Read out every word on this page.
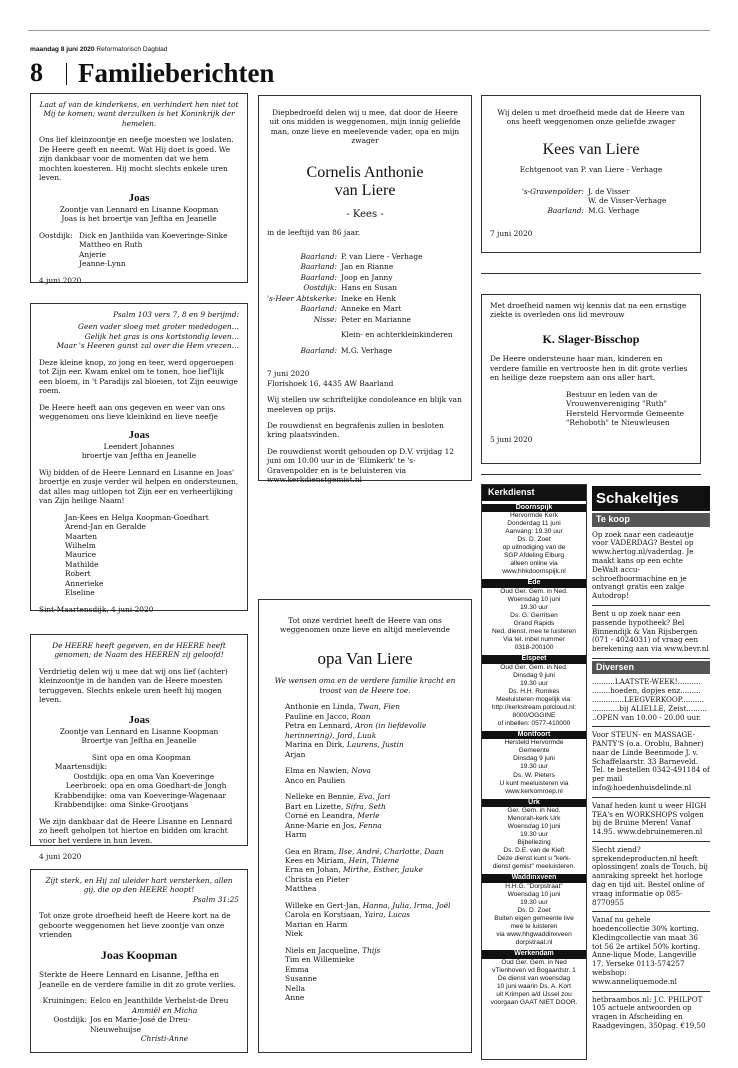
maandag 8 juni 2020 Reformatorisch Dagblad
8 Familieberichten
Laat af van de kinderkens, en verhindert hen niet tot Mij te komen; want derzulken is het Koninkrijk der hemelen.
Ons lief kleinzoontje en neefje moesten we loslaten. De Heere geeft en neemt. Wat Hij doet is goed. We zijn dankbaar voor de momenten dat we hem mochten koesteren. Hij mocht slechts enkele uren leven.
Joas
Zoontje van Lennard en Lisanne Koopman
Joas is het broertje van Jeftha en Jeanelle
Oostdijk: Dick en Janthilda van Koeveringe-Sinke
Mattheo en Ruth
Anjerie
Jeanne-Lynn
4 juni 2020
Psalm 103 vers 7, 8 en 9 berijmd:
Geen vader sloeg met groter mededogen…
Gelijk het gras is ons kortstondig leven…
Maar 's Heeren gunst zal over die Hem vrezen…
Deze kleine knop, zo jong en teer, werd opgeroepen tot Zijn eer. Kwam enkel om te tonen, hoe lief'lijk een bloem, in 't Paradijs zal bloeien, tot Zijn eeuwige roem.
De Heere heeft aan ons gegeven en weer van ons weggenomen ons lieve kleinkind en lieve neefje
Joas
Leendert Johannes
broertje van Jeftha en Jeanelle
Wij bidden of de Heere Lennard en Lisanne en Joas' broertje en zusje verder wil helpen en ondersteunen, dat alles mag uitlopen tot Zijn eer en verheerlijking van Zijn heilige Naam!
Jan-Kees en Helga Koopman-Goedhart
Arend-Jan en Geralde
Maarten
Wilhelm
Maurice
Mathilde
Robert
Annerieke
Elseline
Sint-Maartensdijk, 4 juni 2020
De HEERE heeft gegeven, en de HEERE heeft genomen; de Naam des HEEREN zij geloofd!
Verdrietig delen wij u mee dat wij ons lief (achter) kleinzoontje in de handen van de Heere moesten teruggeven. Slechts enkele uren heeft hij mogen leven.
Joas
Zoontje van Lennard en Lisanne Koopman
Broertje van Jeftha en Jeanelle
Sint Maartensdijk:
opa en oma Koopman
Oostdijk: opa en oma Van Koeveringe
Leerbroek: opa en oma Goedhart-de Jongh
Krabbendijke: oma van Koeveringe-Wagenaar
Krabbendijke: oma Sinke-Grootjans
We zijn dankbaar dat de Heere Lisanne en Lennard zo heeft geholpen tot hiertoe en bidden om kracht voor het verdere in hun leven.
4 juni 2020
Zijt sterk, en Hij zal uleider hart versterken, allen gij, die op den HEERE hoopt!
Psalm 31:25
Tot onze grote droefheid heeft de Heere kort na de geboorte weggenomen het lieve zoontje van onze vrienden
Joas Koopman
Sterkte de Heere Lennard en Lisanne, Jeftha en Jeanelle en de verdere familie in dit zo grote verlies.
Kruiningen: Eelco en Jeanthilde Verhelst-de Dreu
Ammiël en Micha
Oostdijk: Jos en Marie-José de Dreu-Nieuwehuijse
Christi-Anne
Diepbedroefd delen wij u mee, dat door de Heere uit ons midden is weggenomen, mijn innig geliefde man, onze lieve en meelevende vader, opa en mijn zwager
Cornelis Anthonie
van Liere
- Kees -
in de leeftijd van 86 jaar.
Baarland: P. van Liere - Verhage
Baarland: Jan en Rianne
Baarland: Joop en Janny
Oostdijk: Hans en Susan
's-Heer Abtskerke: Ineke en Henk
Baarland: Anneke en Mart
Nisse: Peter en Marianne
Klein- en achterkleinkinderen
Baarland: M.G. Verhage
7 juni 2020
Florishoek 16, 4435 AW Baarland
Wij stellen uw schriftelijke condoleance en blijk van meeleven op prijs.
De rouwdienst en begrafenis zullen in besloten kring plaatsvinden.
De rouwdienst wordt gehouden op D.V. vrijdag 12 juni om 10.00 uur in de 'Elimkerk' te 's-Gravenpolder en is te beluisteren via www.kerkdienstgemist.nl
Tot onze verdriet heeft de Heere van ons weggenomen onze lieve en altijd meelevende
opa Van Liere
We wensen oma en de verdere familie kracht en troost van de Heere toe.
Anthonie en Linda, Twan, Fien
Pauline en Jacco, Roan
Petra en Lennard, Aron (in liefdevolle herinnering), Jord, Luuk
Marina en Dirk, Laurens, Justin
Arjan
Elma en Nawien, Nova
Anco en Paulien
Nelleke en Bennie, Eva, Jari
Bart en Lizette, Sifra, Seth
Corné en Leandra, Merle
Anne-Marie en Jos, Fenna
Harm
Gea en Bram, Ilse, André, Charlotte, Daan
Kees en Miriam, Hein, Thieme
Erna en Johan, Mirthe, Esther, Jauke
Christa en Pieter
Matthea
Willeke en Gert-Jan, Hanna, Julia, Irma, Joël
Carola en Korstiaan, Yaira, Lucas
Marian en Harm
Niek
Niels en Jacqueline, Thijs
Tim en Willemieke
Emma
Susanne
Nella
Anne
Wij delen u met droefheid mede dat de Heere van ons heeft weggenomen onze geliefde zwager
Kees van Liere
Echtgenoot van P. van Liere - Verhage
's-Gravenpolder: J. de Visser
W. de Visser-Verhage
Baarland: M.G. Verhage
7 juni 2020
Met droefheid namen wij kennis dat na een ernstige ziekte is overleden ons lid mevrouw
K. Slager-Bisschop
De Heere ondersteune haar man, kinderen en verdere familie en vertrooste hen in dit grote verlies en heilige deze roepstem aan ons aller hart.
Bestuur en leden van de
Vrouwenvereniging "Ruth"
Hersteld Hervormde Gemeente
"Rehoboth" te Nieuwleusen
5 juni 2020
Kerkdienst
Doornspijk
Hervormde Kerk
Donderdag 11 juni
Aanvang: 19.30 uur
Ds. D. Zoet
op uitnodiging van de
SGP Afdeling Elburg
alleen online via
www.hhkdoornspijk.nl
Ede
Oud Ger. Gem. in Ned.
Woensdag 10 juni
19.30 uur
Ds. G. Gerritsen
Grand Rapids
Ned. dienst, mee te luisteren
Via tel. inbel nummer
0318-200100
Elspeet
Oud Ger. Gem. in Ned.
Dinsdag 9 juni
19.30 uur
Ds. H.H. Romkes
Meeluisteren mogelijk via:
http://kerkstream.polcloud.nl:
8000/OGGINE
of inbellen: 0577-410000
Montfoort
Hersteld Hervormde
Gemeente
Dinsdag 9 juni
19.30 uur
Ds. W. Pieters
U kunt meeluisteren via
www.kerkomroep.nl
Urk
Ger. Gem. in Ned.
Menorah-kerk Urk
Woensdag 10 juni
19.30 uur
Bijbellezing
Ds. D.E. van de Kieft
Deze dienst kunt u "kerk-
dienst gemist" meeluisteren.
Waddinxveen
H.H.G. "Dorpstraat"
Woensdag 10 juni
19.30 uur
Ds. D. Zoet
Buiten eigen gemeente live
mee te luisteren
via www.hhgwaddinxveen
dorpstraat.nl
Werkendam
Oud Ger. Gem. in Ned
vTienhoven vd Bogaardstr. 1
De dienst van woensdag
10 juni waarin Ds. A. Kort
uit Krimpen a/d IJssel zou
voorgaan GAAT NIET DOOR.
Schakeltjes
Te koop
Op zoek naar een cadeautje voor VADERDAG? Bestel op www.hertog.nl/vaderdag. Je maakt kans op een echte DeWalt accu-schroefboormachine en je ontvangt gratis een zakje Autodrop!
Bent u op zoek naar een passende hypotheek? Bel Binnendijk & Van Rijsbergen (071 - 4024031) of vraag een berekening aan via www.bevr.nl
Diversen
..........LAATSTE-WEEK!..........
........hoeden, dopjes enz.........
..............LEEGVERKOOP..........
............bij ALIELLE, Zeist.........
..OPEN van 10.00 - 20.00 uur.
Voor STEUN- en MASSAGE-PANTY'S (o.a. Oroblu, Bahner) naar de Linde Beenmode J. v. Schaffelaarstr. 33 Barneveld. Tel. te bestellen 0342-491184 of per mail info@hoedenhuisdelinde.nl
Vanaf heden kunt u weer HIGH TEA's en WORKSHOPS volgen bij de Bruine Meren! Vanaf 14.95. www.debruinemeren.nl
Slecht ziend? sprekendeproducten.nl heeft oplossingen! zoals de Touch, bij aanraking spreekt het horloge dag en tijd uit. Bestel online of vraag informatie op 085-8770955
Vanaf nu gehele hoedencollectie 30% korting. Kledingcollectie van maat 36 tot 56 2e artikel 50% korting. Anne-lique Mode, Langeville 17, Yerseke 0113-574257 webshop: www.anneliquemode.nl
hetbraambos.nl: J.C. PHILPOT 105 actuele antwoorden op vragen in Afscheiding en Raadgevingen, 350pag. €19,50
